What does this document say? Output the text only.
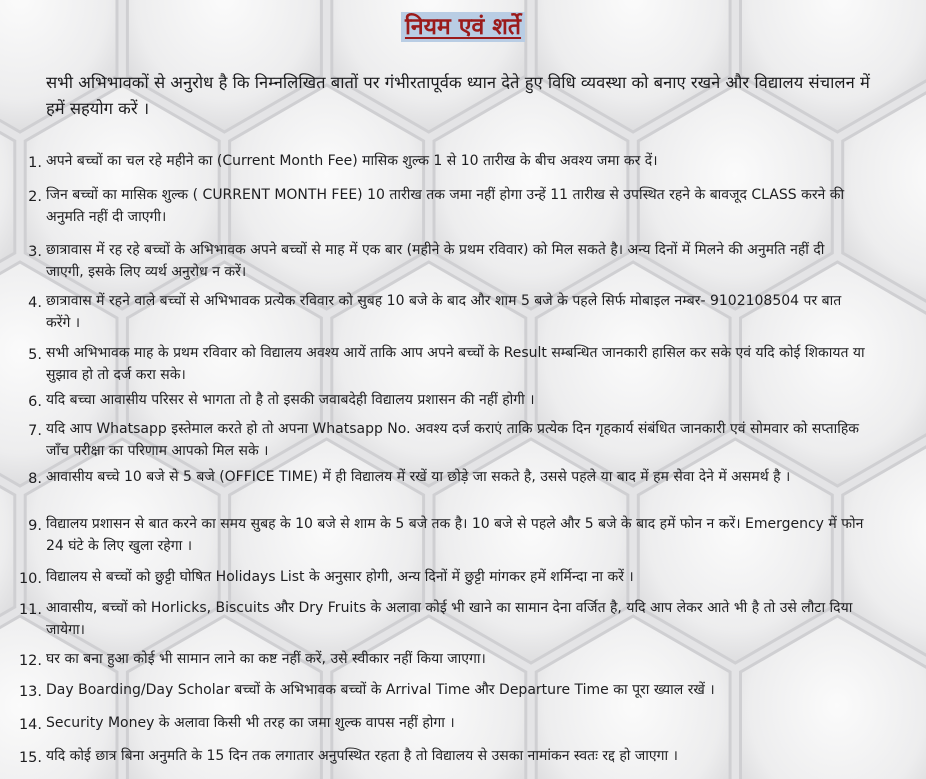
नियम एवं शर्ते
सभी अभिभावकों से अनुरोध है कि निम्नलिखित बातों पर गंभीरतापूर्वक ध्यान देते हुए विधि व्यवस्था को बनाए रखने और विद्यालय संचालन में हमें सहयोग करें ।
1. अपने बच्चों का चल रहे महीने का (Current Month Fee) मासिक शुल्क 1 से 10 तारीख के बीच अवश्य जमा कर दें।
2. जिन बच्चों का मासिक शुल्क ( CURRENT MONTH FEE) 10 तारीख तक जमा नहीं होगा उन्हें 11 तारीख से उपस्थित रहने के बावजूद CLASS करने की अनुमति नहीं दी जाएगी।
3. छात्रावास में रह रहे बच्चों के अभिभावक अपने बच्चों से माह में एक बार (महीने के प्रथम रविवार) को मिल सकते है। अन्य दिनों में मिलने की अनुमति नहीं दी जाएगी, इसके लिए व्यर्थ अनुरोध न करें।
4. छात्रावास में रहने वाले बच्चों से अभिभावक प्रत्येक रविवार को सुबह 10 बजे के बाद और शाम 5 बजे के पहले सिर्फ मोबाइल नम्बर- 9102108504 पर बात करेंगे ।
5. सभी अभिभावक माह के प्रथम रविवार को विद्यालय अवश्य आयें ताकि आप अपने बच्चों के Result सम्बन्धित जानकारी हासिल कर सके एवं यदि कोई शिकायत या सुझाव हो तो दर्ज करा सके।
6. यदि बच्चा आवासीय परिसर से भागता तो है तो इसकी जवाबदेही विद्यालय प्रशासन की नहीं होगी ।
7. यदि आप Whatsapp इस्तेमाल करते हो तो अपना Whatsapp No. अवश्य दर्ज कराएं ताकि प्रत्येक दिन गृहकार्य संबंधित जानकारी एवं सोमवार को सप्ताहिक जाँच परीक्षा का परिणाम आपको मिल सके ।
8. आवासीय बच्चे 10 बजे से 5 बजे (OFFICE TIME) में ही विद्यालय में रखें या छोड़े जा सकते है, उससे पहले या बाद में हम सेवा देने में असमर्थ है ।
9. विद्यालय प्रशासन से बात करने का समय सुबह के 10 बजे से शाम के 5 बजे तक है। 10 बजे से पहले और 5 बजे के बाद हमें फोन न करें। Emergency में फोन 24 घंटे के लिए खुला रहेगा ।
10. विद्यालय से बच्चों को छुट्टी घोषित Holidays List के अनुसार होगी, अन्य दिनों में छुट्टी मांगकर हमें शर्मिन्दा ना करें ।
11. आवासीय, बच्चों को Horlicks, Biscuits और Dry Fruits के अलावा कोई भी खाने का सामान देना वर्जित है, यदि आप लेकर आते भी है तो उसे लौटा दिया जायेगा।
12. घर का बना हुआ कोई भी सामान लाने का कष्ट नहीं करें, उसे स्वीकार नहीं किया जाएगा।
13. Day Boarding/Day Scholar बच्चों के अभिभावक बच्चों के Arrival Time और Departure Time का पूरा ख्याल रखें ।
14. Security Money के अलावा किसी भी तरह का जमा शुल्क वापस नहीं होगा ।
15. यदि कोई छात्र बिना अनुमति के 15 दिन तक लगातार अनुपस्थित रहता है तो विद्यालय से उसका नामांकन स्वतः रद्द हो जाएगा ।
